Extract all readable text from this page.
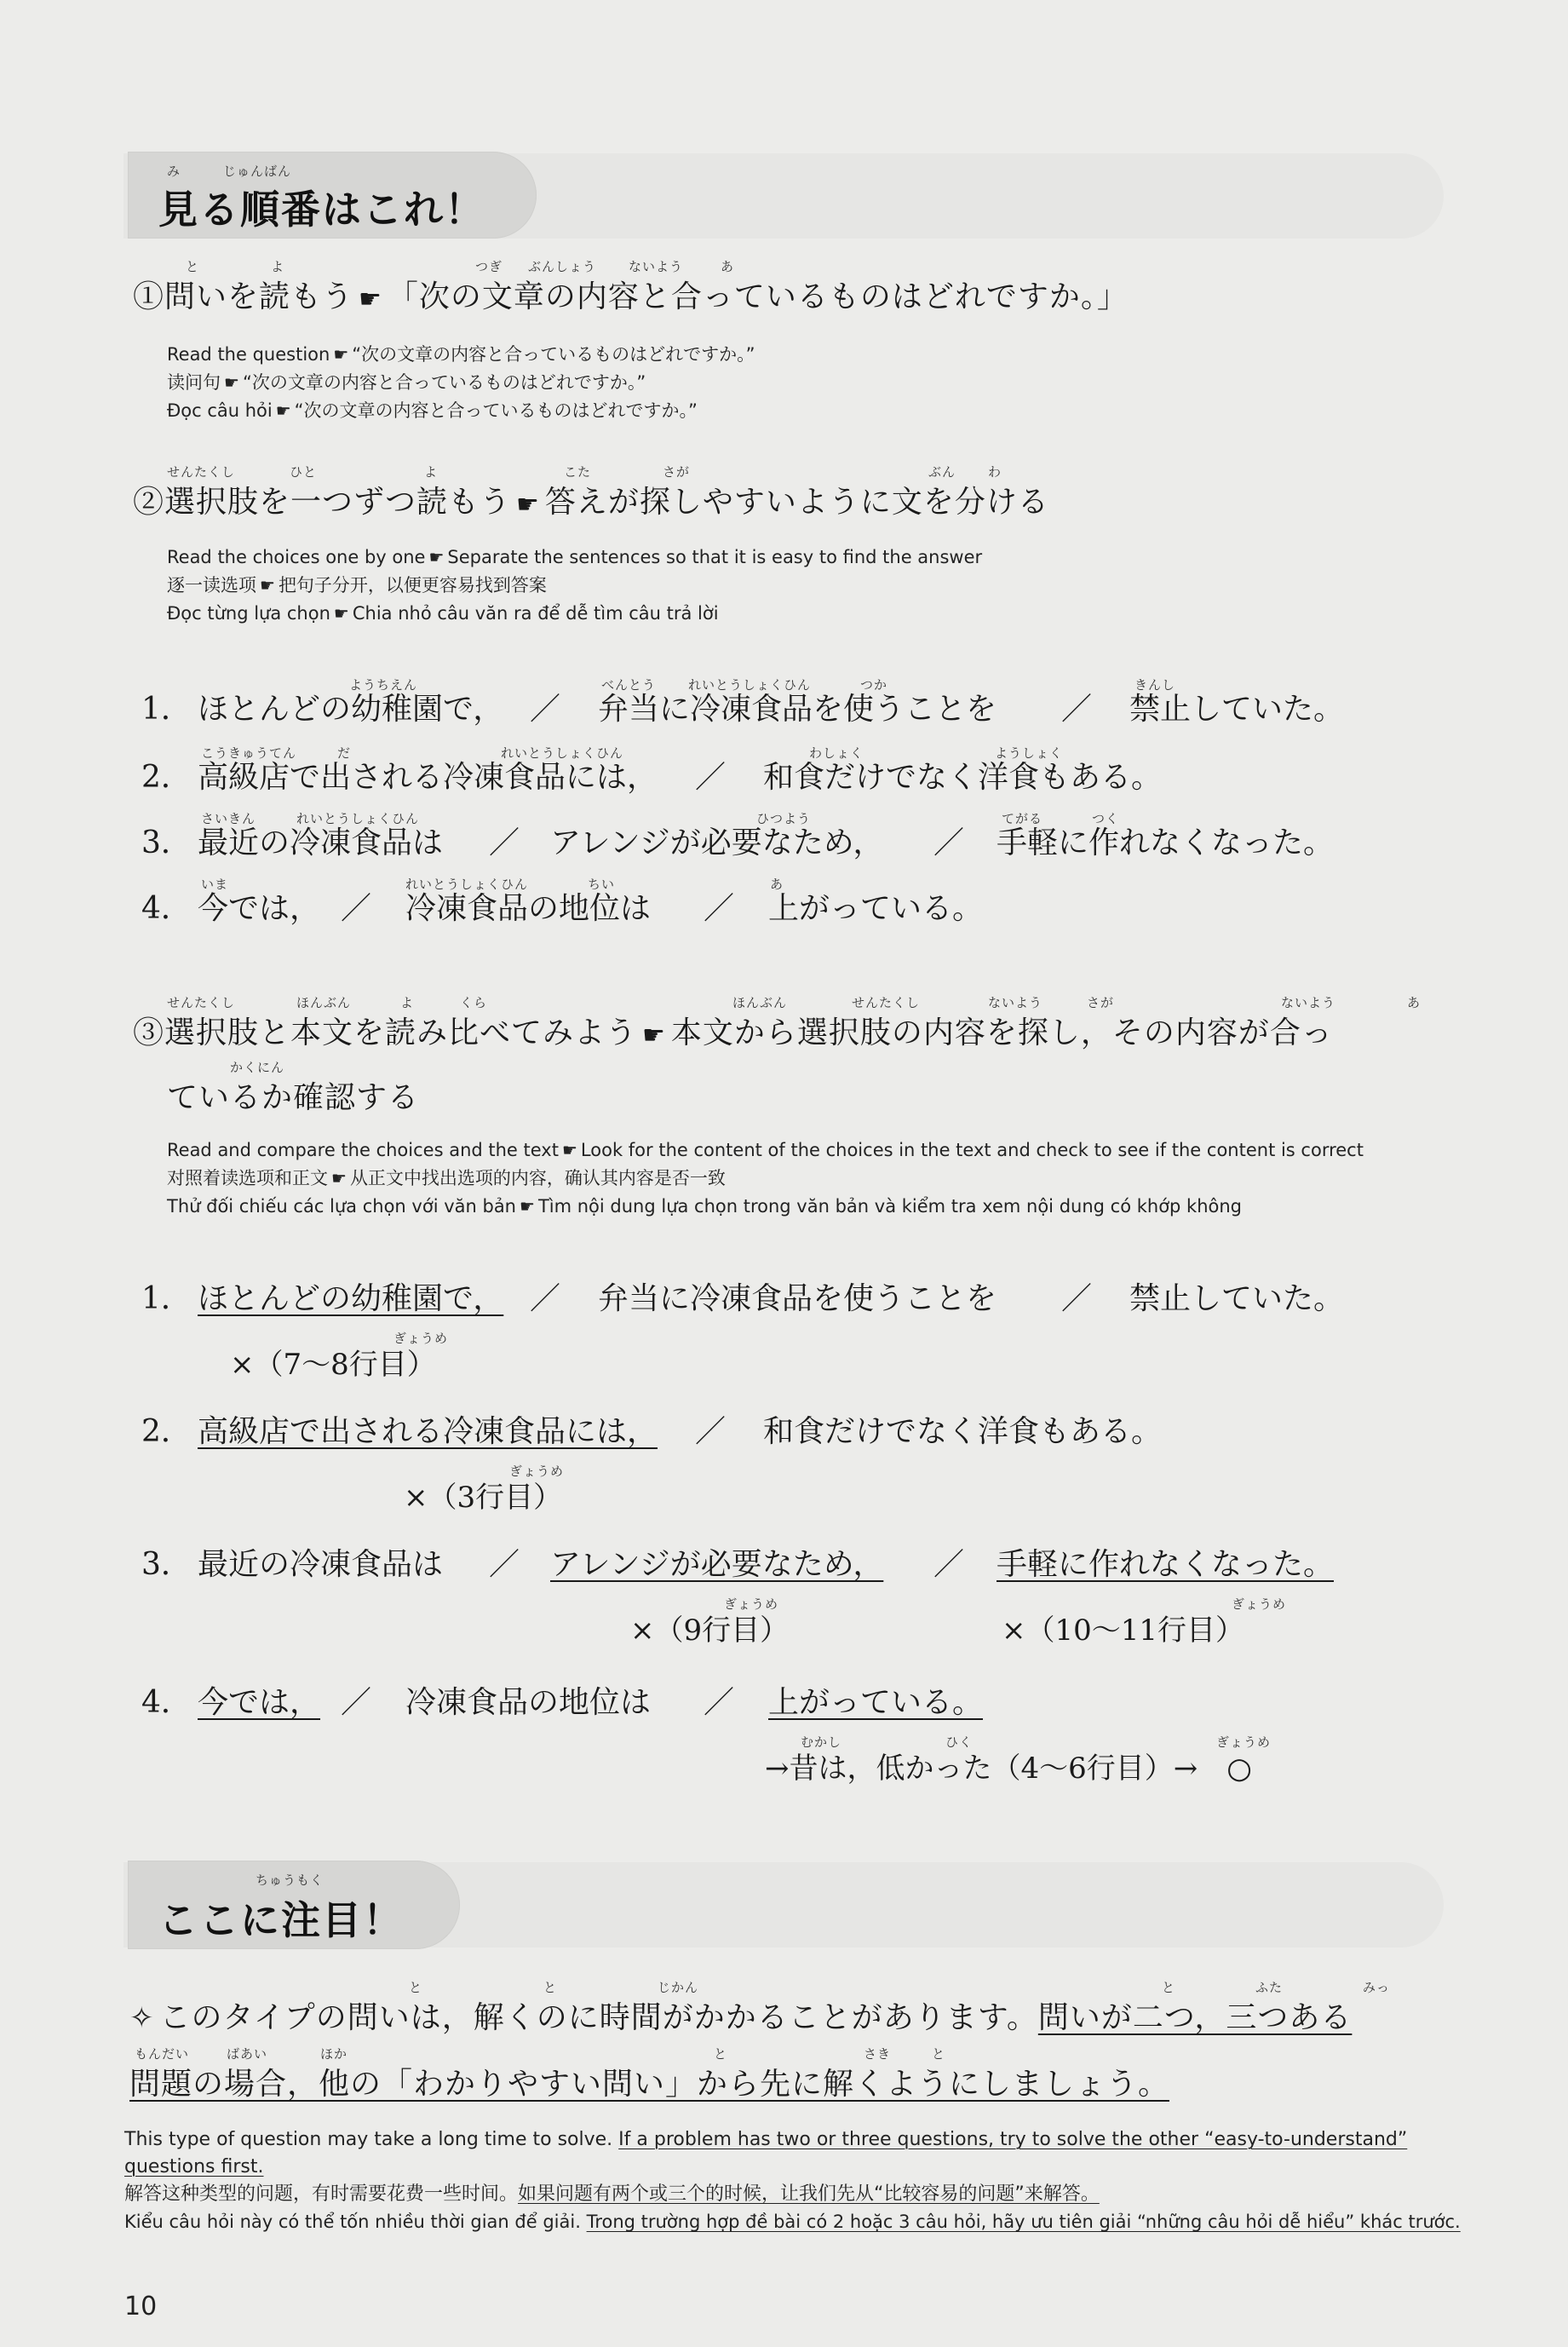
み	じゅんばん
見る順番はこれ！
と	よ	つぎ ぶんしょう	ないよう	あ
①問いを読もう ☛ 「次の文章の内容と合っているものはどれですか。」
Read the question ☛ “次の文章の内容と合っているものはどれですか。”
读问句 ☛ “次の文章の内容と合っているものはどれですか。”
Đọc câu hỏi ☛ “次の文章の内容と合っているものはどれですか。”
せんたくし	ひと	よ	こた	さが	ぶん	わ
②選択肢を一つずつ読もう ☛ 答えが探しやすいように文を分ける
Read the choices one by one ☛ Separate the sentences so that it is easy to find the answer
逐一读选项 ☛ 把句子分开，以便更容易找到答案
Đọc từng lựa chọn ☛ Chia nhỏ câu văn ra để dễ tìm câu trả lời
ようちえん	べんとう	れいとうしょくひん	つか	きんし
1． ほとんどの幼稚園で， ／ 弁当に冷凍食品を使うことを ／ 禁止していた。
こうきゅうてん	だ	れいとうしょくひん	わしょく	ようしょく
2． 高級店で出される冷凍食品には， ／ 和食だけでなく洋食もある。
さいきん	れいとうしょくひん	ひつよう	てがる	つく
3． 最近の冷凍食品は ／ アレンジが必要なため， ／ 手軽に作れなくなった。
いま	れいとうしょくひん	ちい	あ
4． 今では， ／ 冷凍食品の地位は ／ 上がっている。
せんたくし	ほんぶん	よ	くら	ほんぶん	せんたくし	ないよう	さが	ないよう	あ
③選択肢と本文を読み比べてみよう ☛ 本文から選択肢の内容を探し，その内容が合っ
かくにん
ているか確認する
Read and compare the choices and the text ☛ Look for the content of the choices in the text and check to see if the content is correct
对照着读选项和正文 ☛ 从正文中找出选项的内容，确认其内容是否一致
Thử đối chiếu các lựa chọn với văn bản ☛ Tìm nội dung lựa chọn trong văn bản và kiểm tra xem nội dung có khớp không
1． ほとんどの幼稚園で， ／ 弁当に冷凍食品を使うことを ／ 禁止していた。
ぎょうめ
×（7～8行目）
2． 高級店で出される冷凍食品には， ／ 和食だけでなく洋食もある。
ぎょうめ
×（3行目）
3． 最近の冷凍食品は ／ アレンジが必要なため， ／ 手軽に作れなくなった。
ぎょうめ
×（9行目）
ぎょうめ
×（10～11行目）
4． 今では， ／ 冷凍食品の地位は ／ 上がっている。
むかし	ひく	ぎょうめ
→昔は，低かった（4～6行目）→　○
ちゅうもく
ここに注目！
と	と	じかん	と	ふた	みっ
✧ このタイプの問いは，解くのに時間がかかることがあります。問いが二つ，三つある
もんだい	ばあい	ほか	と	さき	と
問題の場合，他の「わかりやすい問い」から先に解くようにしましょう。
This type of question may take a long time to solve. If a problem has two or three questions, try to solve the other “easy-to-understand”
questions first.
解答这种类型的问题，有时需要花费一些时间。如果问题有两个或三个的时候，让我们先从“比较容易的问题”来解答。
Kiểu câu hỏi này có thể tốn nhiều thời gian để giải. Trong trường hợp đề bài có 2 hoặc 3 câu hỏi, hãy ưu tiên giải “những câu hỏi dễ hiểu” khác trước.
10
